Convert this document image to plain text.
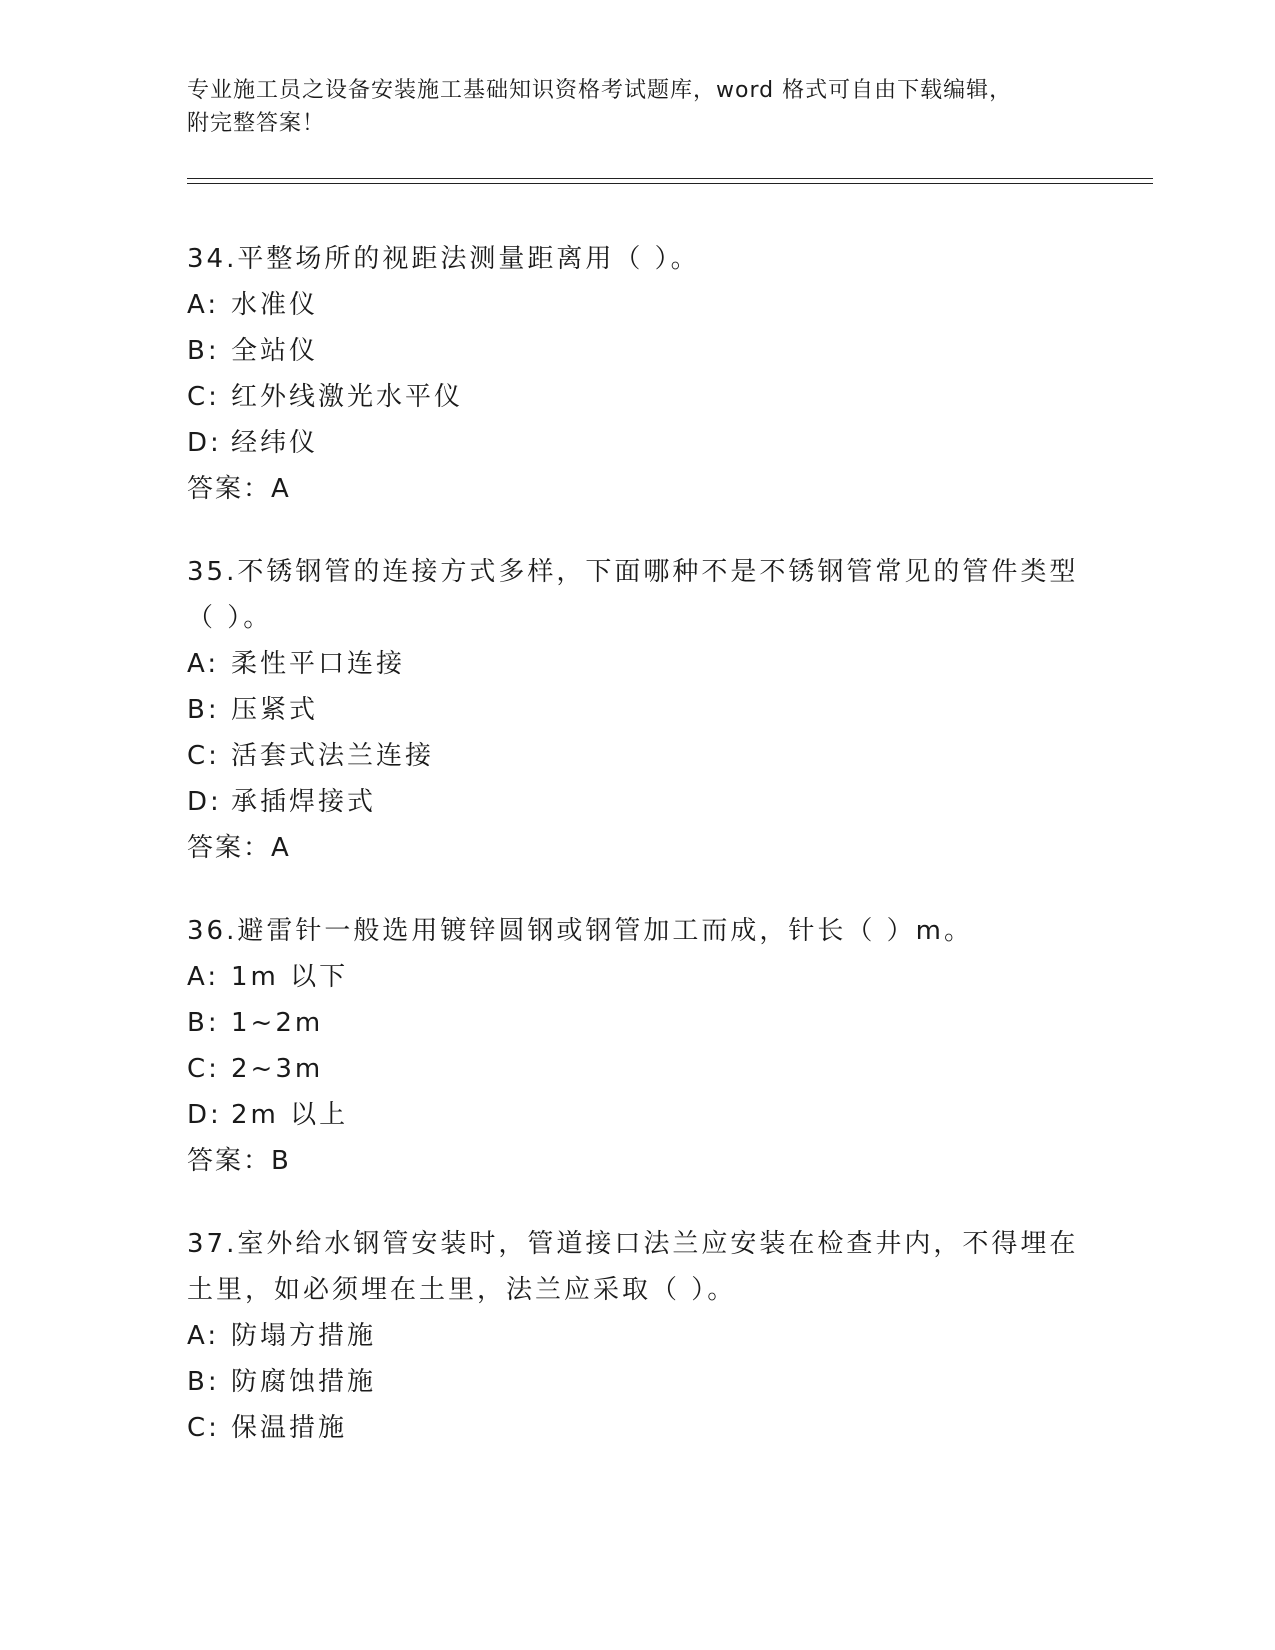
专业施工员之设备安装施工基础知识资格考试题库，word 格式可自由下载编辑，
附完整答案！
34.平整场所的视距法测量距离用（ ）。
A: 水准仪
B: 全站仪
C: 红外线激光水平仪
D: 经纬仪
答案：A
35.不锈钢管的连接方式多样，下面哪种不是不锈钢管常见的管件类型
（ ）。
A: 柔性平口连接
B: 压紧式
C: 活套式法兰连接
D: 承插焊接式
答案：A
36.避雷针一般选用镀锌圆钢或钢管加工而成，针长（ ）m。
A: 1m 以下
B: 1~2m
C: 2~3m
D: 2m 以上
答案：B
37.室外给水钢管安装时，管道接口法兰应安装在检查井内，不得埋在
土里，如必须埋在土里，法兰应采取（ ）。
A: 防塌方措施
B: 防腐蚀措施
C: 保温措施
